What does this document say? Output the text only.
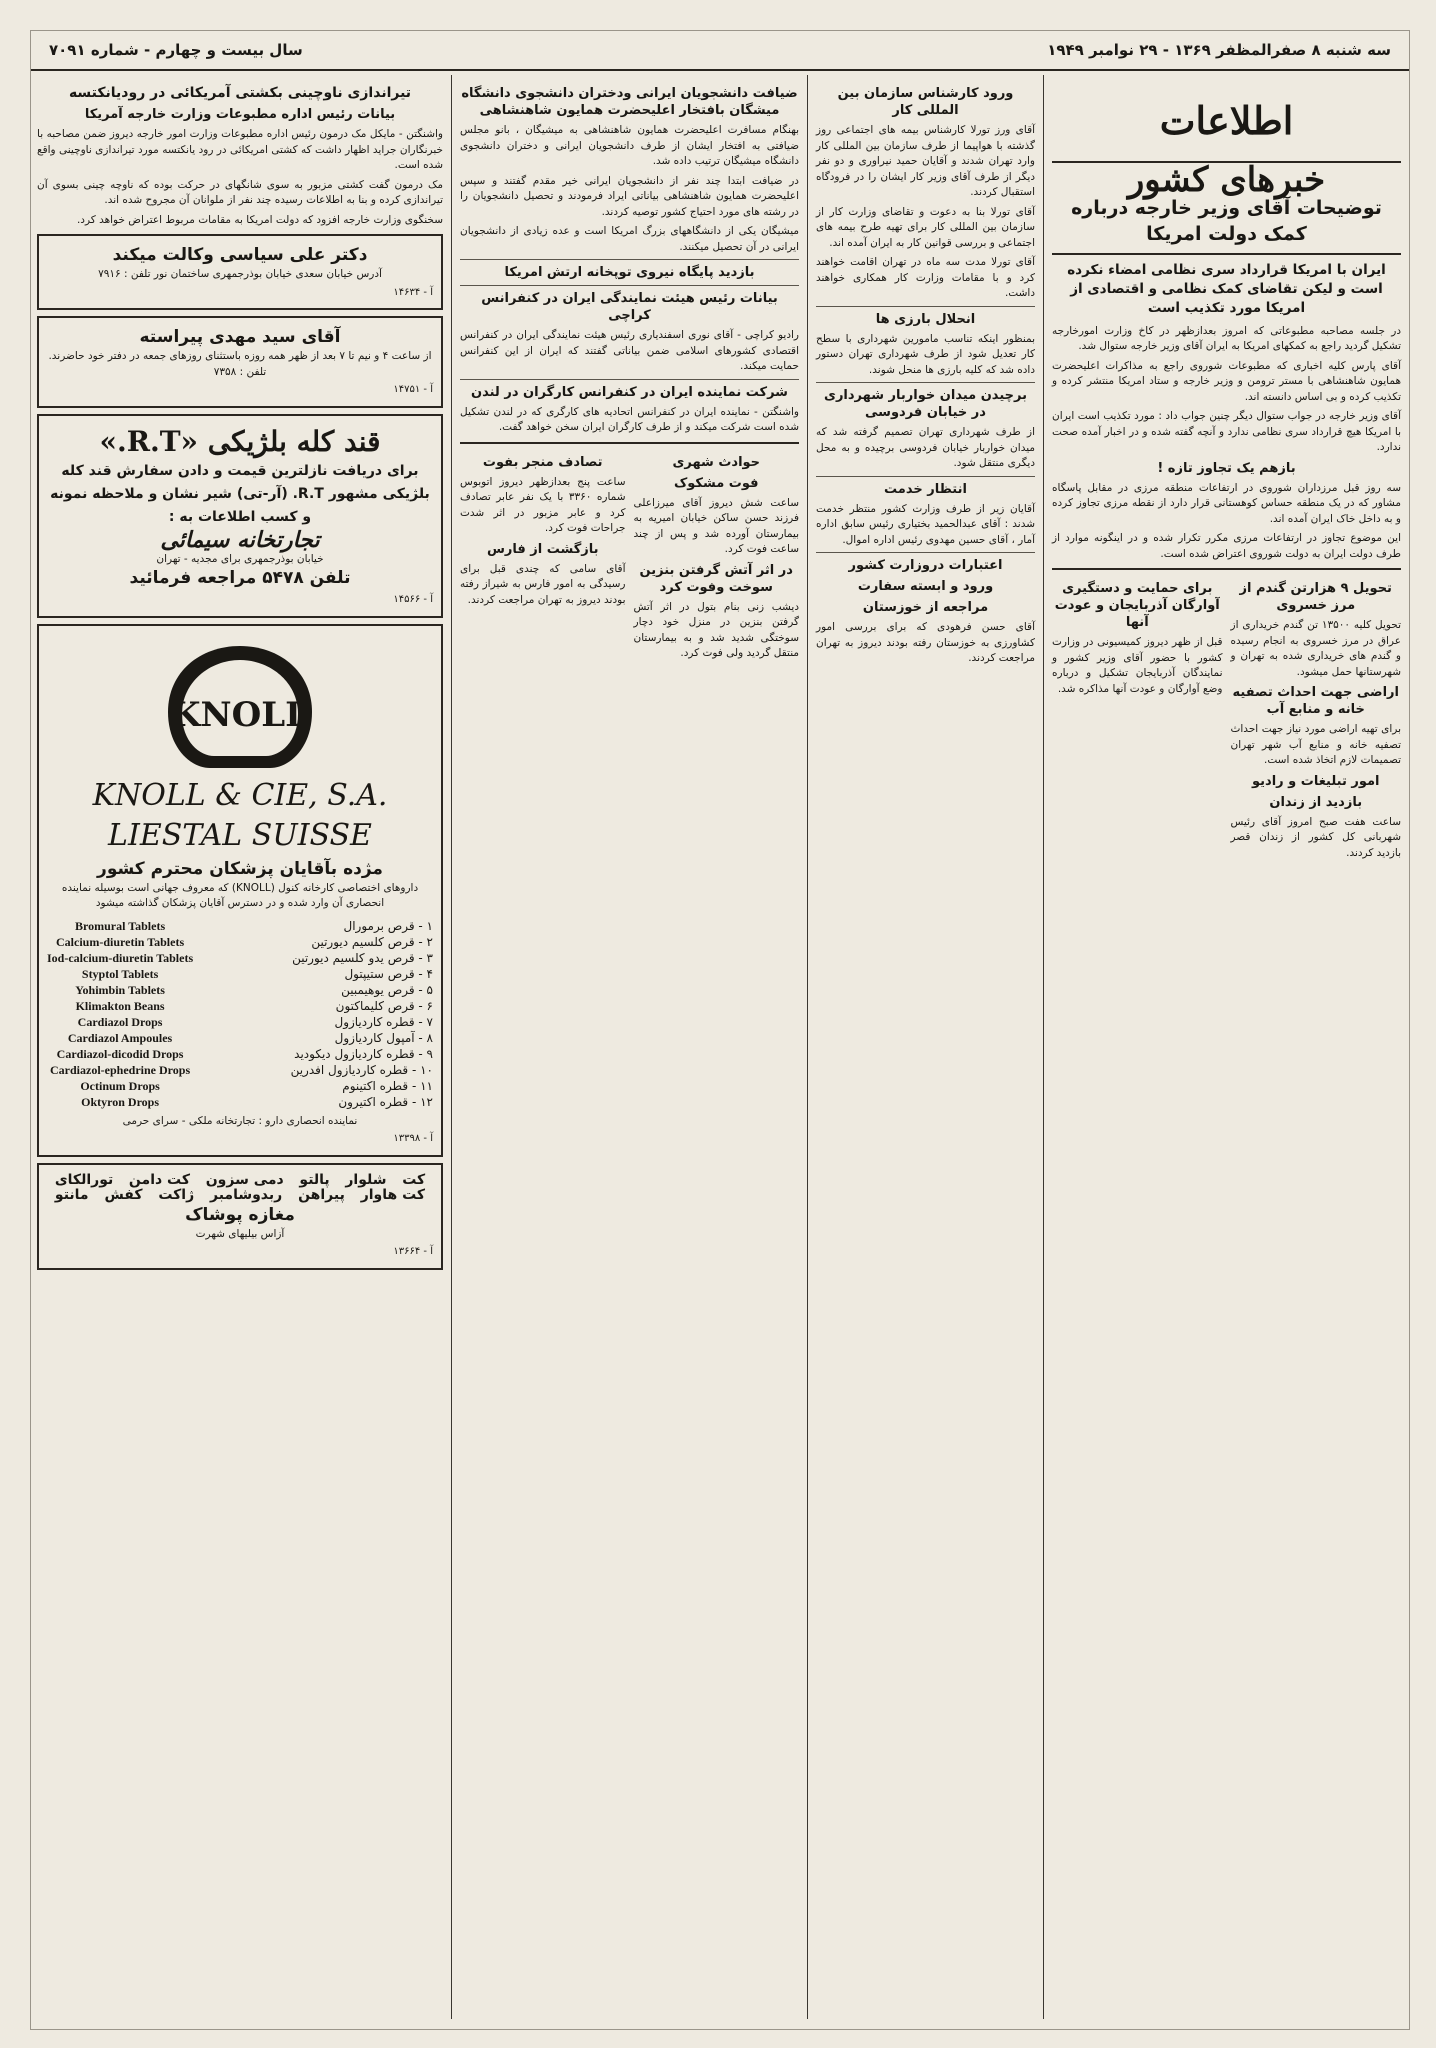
سال بیست و چهارم - شماره ۷۰۹۱	سه شنبه ۸ صفرالمظفر ۱۳۶۹ - ۲۹ نوامبر ۱۹۴۹
اطلاعات
خبرهای کشور
توضیحات آقای وزیر خارجه درباره کمک دولت امریکا
ایران با امریکا قرارداد سری نظامی امضاء نکرده است و لیکن تقاضای کمک نظامی و اقتصادی از امریکا مورد تکذیب است

در جلسه مصاحبه مطبوعاتی که امروز بعدازظهر در کاخ وزارت امورخارجه تشکیل گردید راجع به کمکهای امریکا به ایران آقای وزیر خارجه ستوال شد.

آقای پارس کلیه اخباری که مطبوعات شوروی راجع به مذاکرات اعلیحضرت همایون شاهنشاهی با مستر ترومن و وزیر خارجه و ستاد امریکا منتشر کرده و تکذیب کرده و بی اساس دانسته اند.

آقای وزیر خارجه در جواب ستوال دیگر چنین جواب داد : مورد تکذیب است ایران با امریکا هیچ قرارداد سری نظامی ندارد و آنچه گفته شده و در اخبار آمده صحت ندارد.

بازهم یک تجاوز تازه !

سه روز قبل مرزداران شوروی در ارتفاعات منطقه مرزی در مقابل پاسگاه مشاور که در یک منطقه حساس کوهستانی قرار دارد از نقطه مرزی تجاوز کرده و به داخل خاک ایران آمده اند.

این موضوع تجاوز در ارتفاعات مرزی مکرر تکرار شده و در اینگونه موارد از طرف دولت ایران به دولت شوروی اعتراض شده است.

تحویل ۹ هزارتن گندم از مرز خسروی

تحویل کلیه ۱۳۵۰۰ تن گندم خریداری از عراق در مرز خسروی به انجام رسیده و گندم های خریداری شده به تهران و شهرستانها حمل میشود.

اراضی جهت احداث تصفیه خانه و منابع آب

برای تهیه اراضی مورد نیاز جهت احداث تصفیه خانه و منابع آب شهر تهران تصمیمات لازم اتخاذ شده است.

امور تبلیغات و رادیو
بازدید از زندان

ساعت هفت صبح امروز آقای رئیس شهربانی کل کشور از زندان قصر بازدید کردند.

برای حمایت و دستگیری آوارگان آذربایجان و عودت آنها

قبل از ظهر دیروز کمیسیونی در وزارت کشور با حضور آقای وزیر کشور و نمایندگان آذربایجان تشکیل و درباره وضع آوارگان و عودت آنها مذاکره شد.

ورود کارشناس سازمان بین المللی کار

آقای ورز تورلا کارشناس بیمه های اجتماعی روز گذشته با هواپیما از طرف سازمان بین المللی کار وارد تهران شدند و آقایان حمید نیراوری و دو نفر دیگر از طرف آقای وزیر کار ایشان را در فرودگاه استقبال کردند.

آقای تورلا بنا به دعوت و تقاضای وزارت کار از سازمان بین المللی کار برای تهیه طرح بیمه های اجتماعی و بررسی قوانین کار به ایران آمده اند.

آقای تورلا مدت سه ماه در تهران اقامت خواهند کرد و با مقامات وزارت کار همکاری خواهند داشت.

انحلال بارزی ها

بمنظور اینکه تناسب مامورین شهرداری با سطح کار تعدیل شود از طرف شهرداری تهران دستور داده شد که کلیه بارزی ها منحل شوند.

برچیدن میدان خواربار شهرداری در خیابان فردوسی

از طرف شهرداری تهران تصمیم گرفته شد که میدان خواربار خیابان فردوسی برچیده و به محل دیگری منتقل شود.

انتظار خدمت

آقایان زیر از طرف وزارت کشور منتظر خدمت شدند : آقای عبدالحمید بختیاری رئیس سابق اداره آمار ، آقای حسین مهدوی رئیس اداره اموال.

اعتبارات دروزارت کشور
ورود و ابسته سفارت
مراجعه از خوزستان

آقای حسن فرهودی که برای بررسی امور کشاورزی به خوزستان رفته بودند دیروز به تهران مراجعت کردند.

ضیافت دانشجویان ایرانی ودختران دانشجوی دانشگاه میشگان بافتخار اعلیحضرت همایون شاهنشاهی

بهنگام مسافرت اعلیحضرت همایون شاهنشاهی به میشیگان ، بانو مجلس ضیافتی به افتخار ایشان از طرف دانشجویان ایرانی و دختران دانشجوی دانشگاه میشیگان ترتیب داده شد.

در ضیافت ابتدا چند نفر از دانشجویان ایرانی خیر مقدم گفتند و سپس اعلیحضرت همایون شاهنشاهی بیاناتی ایراد فرمودند و تحصیل دانشجویان را در رشته های مورد احتیاج کشور توصیه کردند.

میشیگان یکی از دانشگاههای بزرگ امریکا است و عده زیادی از دانشجویان ایرانی در آن تحصیل میکنند.

بازدید پایگاه نیروی توپخانه ارتش امریکا
بیانات رئیس هیئت نمایندگی ایران در کنفرانس کراچی

رادیو کراچی - آقای نوری اسفندیاری رئیس هیئت نمایندگی ایران در کنفرانس اقتصادی کشورهای اسلامی ضمن بیاناتی گفتند که ایران از این کنفرانس حمایت میکند.

شرکت نماینده ایران در کنفرانس کارگران در لندن

واشنگتن - نماینده ایران در کنفرانس اتحادیه های کارگری که در لندن تشکیل شده است شرکت میکند و از طرف کارگران ایران سخن خواهد گفت.

حوادث شهری
فوت مشکوک

ساعت شش دیروز آقای میرزاعلی فرزند حسن ساکن خیابان امیریه به بیمارستان آورده شد و پس از چند ساعت فوت کرد.

در اثر آتش گرفتن بنزین سوخت وفوت کرد

دیشب زنی بنام بتول در اثر آتش گرفتن بنزین در منزل خود دچار سوختگی شدید شد و به بیمارستان منتقل گردید ولی فوت کرد.

تصادف منجر بفوت

ساعت پنج بعدازظهر دیروز اتوبوس شماره ۳۳۶۰ با یک نفر عابر تصادف کرد و عابر مزبور در اثر شدت جراحات فوت کرد.

بازگشت از فارس

آقای سامی که چندی قبل برای رسیدگی به امور فارس به شیراز رفته بودند دیروز به تهران مراجعت کردند.

تیراندازی ناوچینی بکشتی آمریکائی در رودیانکتسه
بیانات رئیس اداره مطبوعات وزارت خارجه آمریکا

واشنگتن - مایکل مک درمون رئیس اداره مطبوعات وزارت امور خارجه دیروز ضمن مصاحبه با خبرنگاران جراید اظهار داشت که کشتی امریکائی در رود یانکتسه مورد تیراندازی ناوچینی واقع شده است.

مک درمون گفت کشتی مزبور به سوی شانگهای در حرکت بوده که ناوچه چینی بسوی آن تیراندازی کرده و بنا به اطلاعات رسیده چند نفر از ملوانان آن مجروح شده اند.

سخنگوی وزارت خارجه افزود که دولت امریکا به مقامات مربوط اعتراض خواهد کرد.

دکتر علی سیاسی وکالت میکند
آدرس خیابان سعدی خیابان بوذرجمهری ساختمان نور تلفن : ۷۹۱۶
آ - ۱۴۶۳۴
آقای سید مهدی پیراسته
از ساعت ۴ و نیم تا ۷ بعد از ظهر همه روزه باستثنای روزهای جمعه در دفتر خود حاضرند. تلفن : ۷۳۵۸
آ - ۱۴۷۵۱
قند کله بلژیکی «R.T.»
برای دریافت نازلترین قیمت و دادن سفارش قند کله بلژیکی مشهور R.T. (آر-تی) شیر نشان و ملاحظه نمونه و کسب اطلاعات به :
تجارتخانه سیمائی
خیابان بوذرجمهری برای مجدیه - تهران
تلفن ۵۴۷۸ مراجعه فرمائید
آ - ۱۴۵۶۶
KNOLL
KNOLL & CIE, S.A.
LIESTAL SUISSE
مژده بآقایان پزشکان محترم کشور
داروهای اختصاصی کارخانه کنول (KNOLL) که معروف جهانی است بوسیله نماینده انحصاری آن وارد شده و در دسترس آقایان پزشکان گذاشته میشود
Bromural Tablets
Calcium-diuretin Tablets
Iod-calcium-diuretin Tablets
Styptol Tablets
Yohimbin Tablets
Klimakton Beans
Cardiazol Drops
Cardiazol Ampoules
Cardiazol-dicodid Drops
Cardiazol-ephedrine Drops
Octinum Drops
Oktyron Drops
۱ - قرص برمورال
۲ - قرص کلسیم دیورتین
۳ - قرص یدو کلسیم دیورتین
۴ - قرص ستیپتول
۵ - قرص یوهیمبین
۶ - قرص کلیماکتون
۷ - قطره کاردیازول
۸ - آمپول کاردیازول
۹ - قطره کاردیازول دیکودید
۱۰ - قطره کاردیازول افدرین
۱۱ - قطره اکتینوم
۱۲ - قطره اکتیرون
نماینده انحصاری دارو : تجارتخانه ملکی - سرای حرمی
آ - ۱۳۳۹۸
کت
شلوار
پالتو
دمی سزون
کت دامن
تورالکای
کت هاوار
پیراهن
ربدوشامبر
ژاکت
کفش
مانتو
مغازه پوشاک
آزاس بیلیهای شهرت
آ - ۱۳۶۶۴
